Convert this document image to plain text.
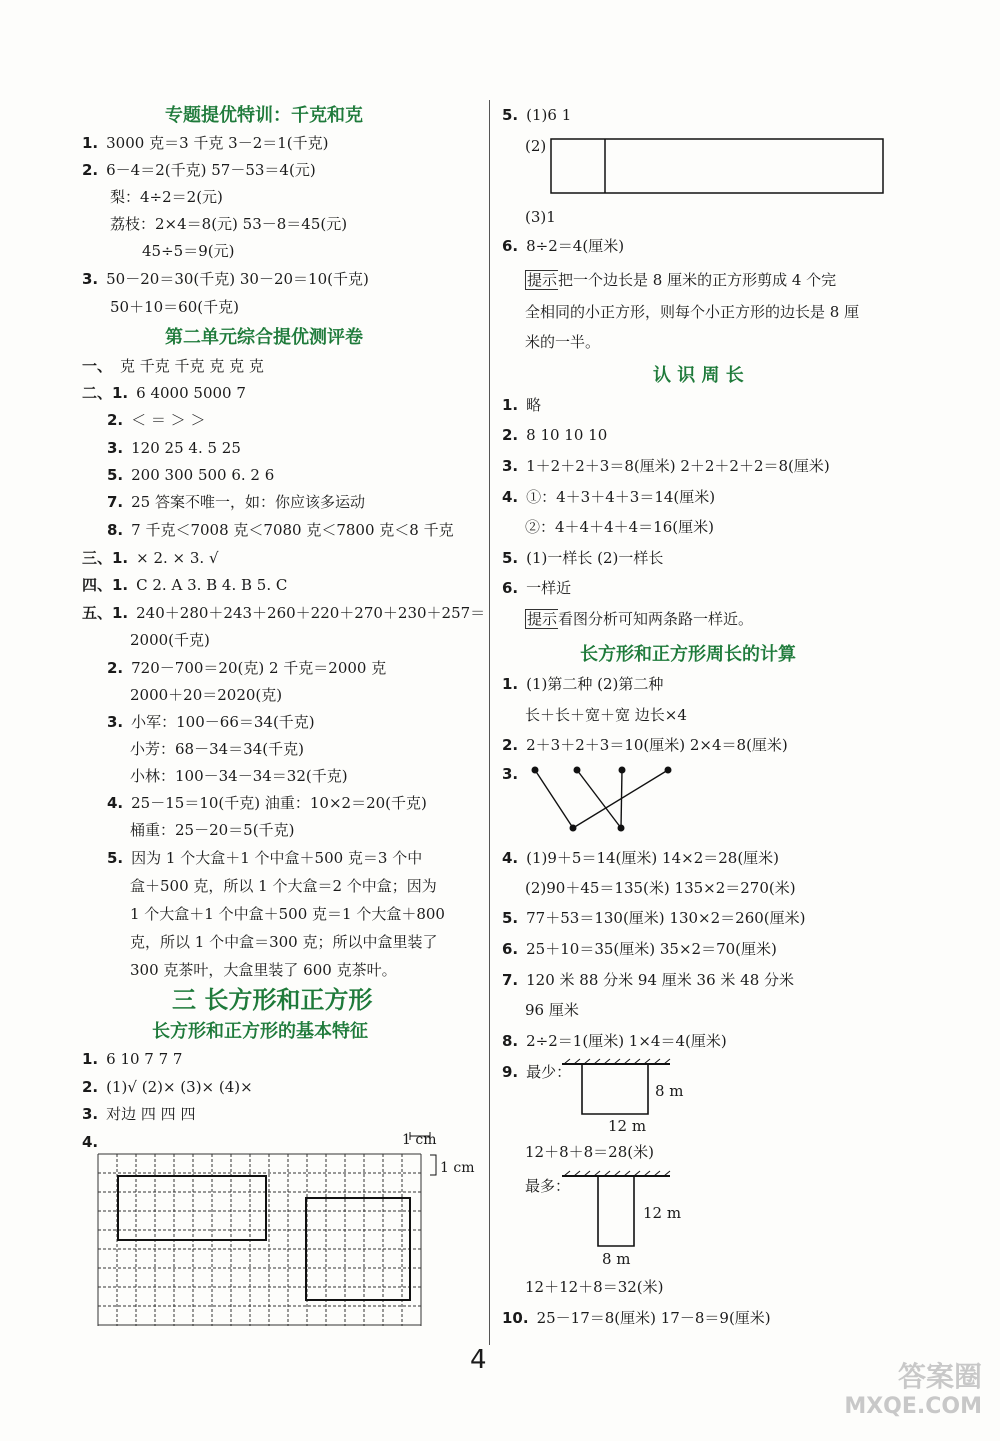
专题提优特训：千克和克
1. 3000 克＝3 千克 3－2＝1(千克)
2. 6－4＝2(千克) 57－53＝4(元)
梨：4÷2＝2(元)
荔枝：2×4＝8(元) 53－8＝45(元)
45÷5＝9(元)
3. 50－20＝30(千克) 30－20＝10(千克)
50＋10＝60(千克)
第二单元综合提优测评卷
一、 克 千克 千克 克 克 克
二、1. 6 4000 5000 7
2. ＜ ＝ ＞ ＞
3. 120 25 4. 5 25
5. 200 300 500 6. 2 6
7. 25 答案不唯一，如：你应该多运动
8. 7 千克＜7008 克＜7080 克＜7800 克＜8 千克
三、1. × 2. × 3. √
四、1. C 2. A 3. B 4. B 5. C
五、1. 240＋280＋243＋260＋220＋270＋230＋257＝
2000(千克)
2. 720－700＝20(克) 2 千克＝2000 克
2000＋20＝2020(克)
3. 小军：100－66＝34(千克)
小芳：68－34＝34(千克)
小林：100－34－34＝32(千克)
4. 25－15＝10(千克) 油重：10×2＝20(千克)
桶重：25－20＝5(千克)
5. 因为 1 个大盒＋1 个中盒＋500 克＝3 个中
盒＋500 克，所以 1 个大盒＝2 个中盒；因为
1 个大盒＋1 个中盒＋500 克＝1 个大盒＋800
克，所以 1 个中盒＝300 克；所以中盒里装了
300 克茶叶，大盒里装了 600 克茶叶。
三 长方形和正方形
长方形和正方形的基本特征
1. 6 10 7 7 7
2. (1)√ (2)× (3)× (4)×
3. 对边 四 四 四
4.	1 cm
1 cm
5. (1)6 1
(2)
(3)1
6. 8÷2＝4(厘米)
提示把一个边长是 8 厘米的正方形剪成 4 个完
全相同的小正方形，则每个小正方形的边长是 8 厘
米的一半。
认 识 周 长
1. 略
2. 8 10 10 10
3. 1＋2＋2＋3＝8(厘米) 2＋2＋2＋2＝8(厘米)
4. ①：4＋3＋4＋3＝14(厘米)
②：4＋4＋4＋4＝16(厘米)
5. (1)一样长 (2)一样长
6. 一样近
提示看图分析可知两条路一样近。
长方形和正方形周长的计算
1. (1)第二种 (2)第二种
长＋长＋宽＋宽 边长×4
2. 2＋3＋2＋3＝10(厘米) 2×4＝8(厘米)
3.
4. (1)9＋5＝14(厘米) 14×2＝28(厘米)
(2)90＋45＝135(米) 135×2＝270(米)
5. 77＋53＝130(厘米) 130×2＝260(厘米)
6. 25＋10＝35(厘米) 35×2＝70(厘米)
7. 120 米 88 分米 94 厘米 36 米 48 分米
96 厘米
8. 2÷2＝1(厘米) 1×4＝4(厘米)
9. 最少：
8 m
12 m
12＋8＋8＝28(米)
最多：
12 m
8 m
12＋12＋8＝32(米)
10. 25－17＝8(厘米) 17－8＝9(厘米)
4	答案圈
MXQE.COM
